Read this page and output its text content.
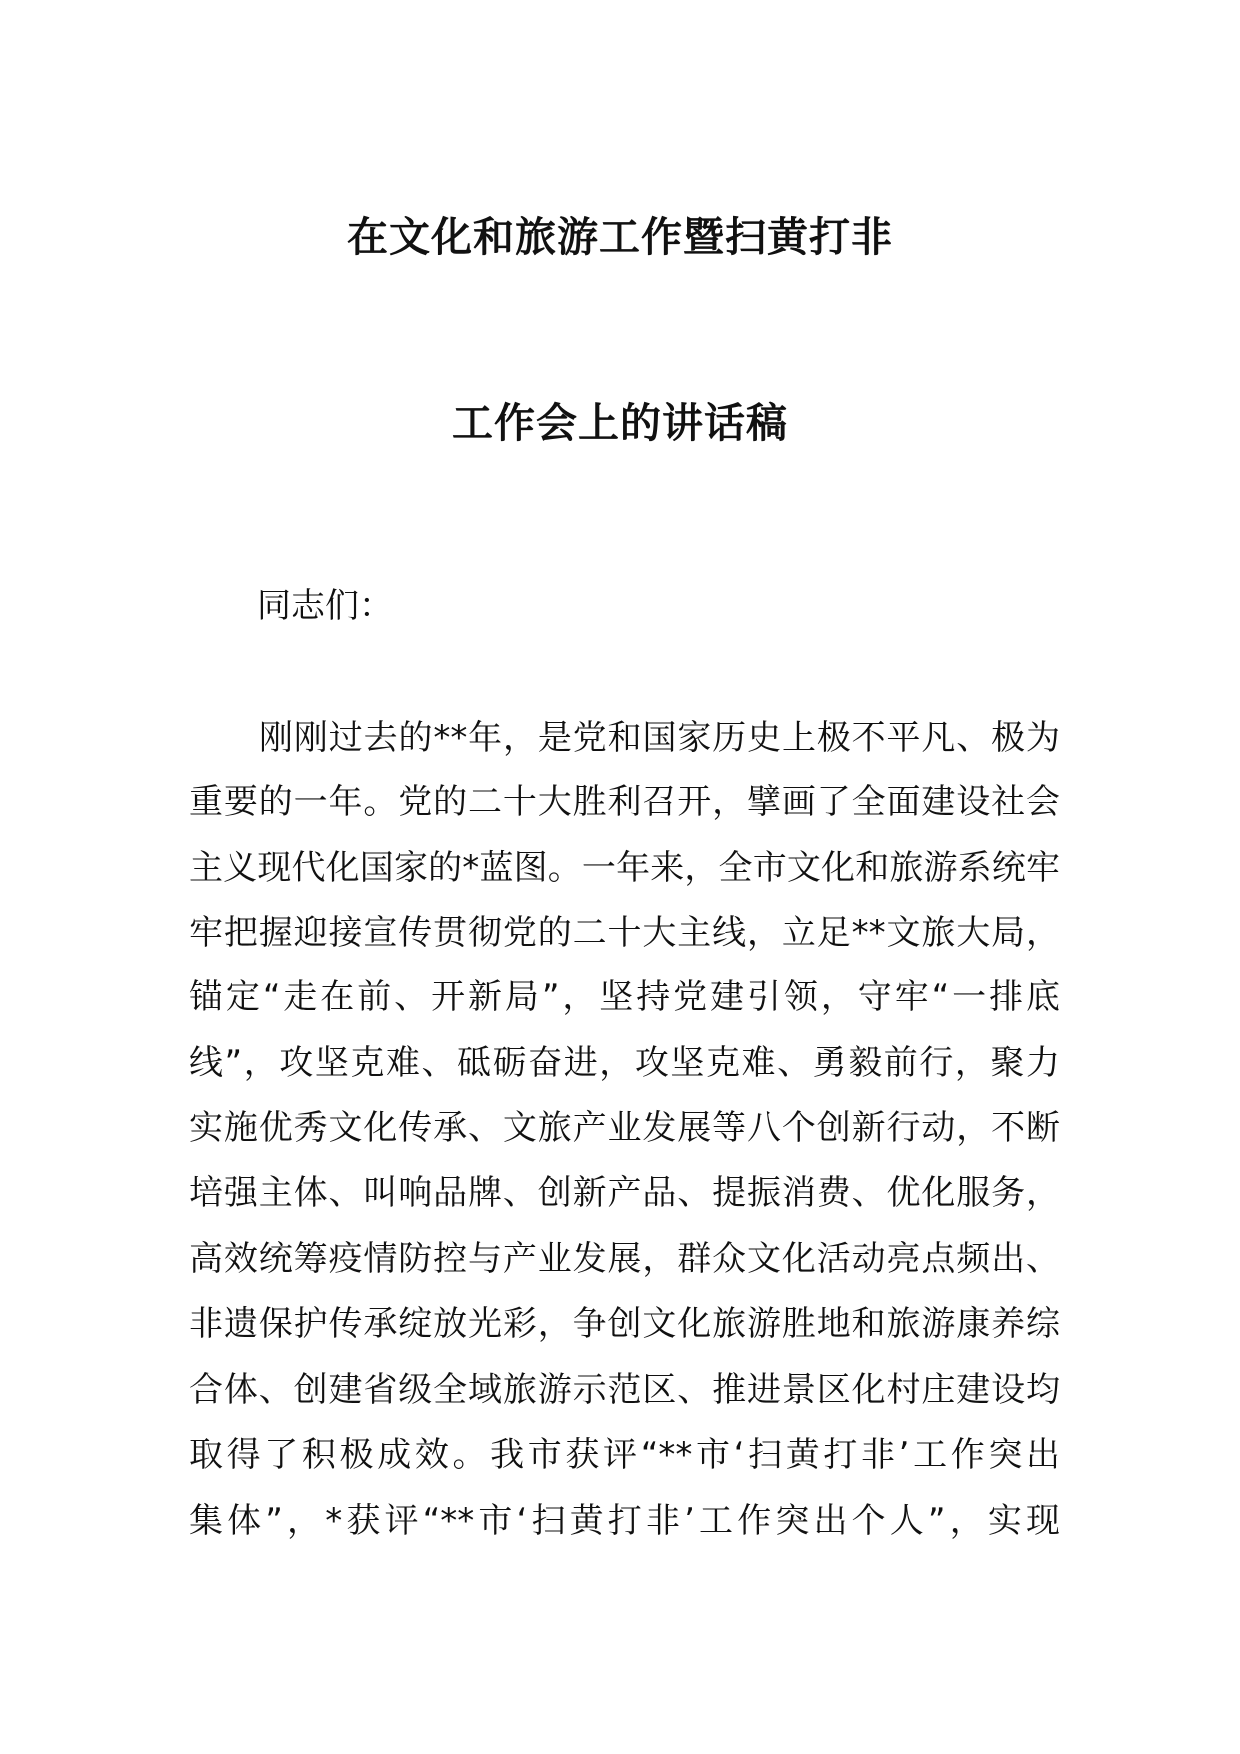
在文化和旅游工作暨扫黄打非
工作会上的讲话稿
同志们：
刚刚过去的**年，是党和国家历史上极不平凡、极为
重要的一年。党的二十大胜利召开，擘画了全面建设社会
主义现代化国家的*蓝图。一年来，全市文化和旅游系统牢
牢把握迎接宣传贯彻党的二十大主线，立足**文旅大局，
锚定“走在前、开新局”，坚持党建引领，守牢“一排底
线”，攻坚克难、砥砺奋进，攻坚克难、勇毅前行，聚力
实施优秀文化传承、文旅产业发展等八个创新行动，不断
培强主体、叫响品牌、创新产品、提振消费、优化服务，
高效统筹疫情防控与产业发展，群众文化活动亮点频出、
非遗保护传承绽放光彩，争创文化旅游胜地和旅游康养综
合体、创建省级全域旅游示范区、推进景区化村庄建设均
取得了积极成效。我市获评“**市‘扫黄打非’工作突出
集体”，*获评“**市‘扫黄打非’工作突出个人”，实现
